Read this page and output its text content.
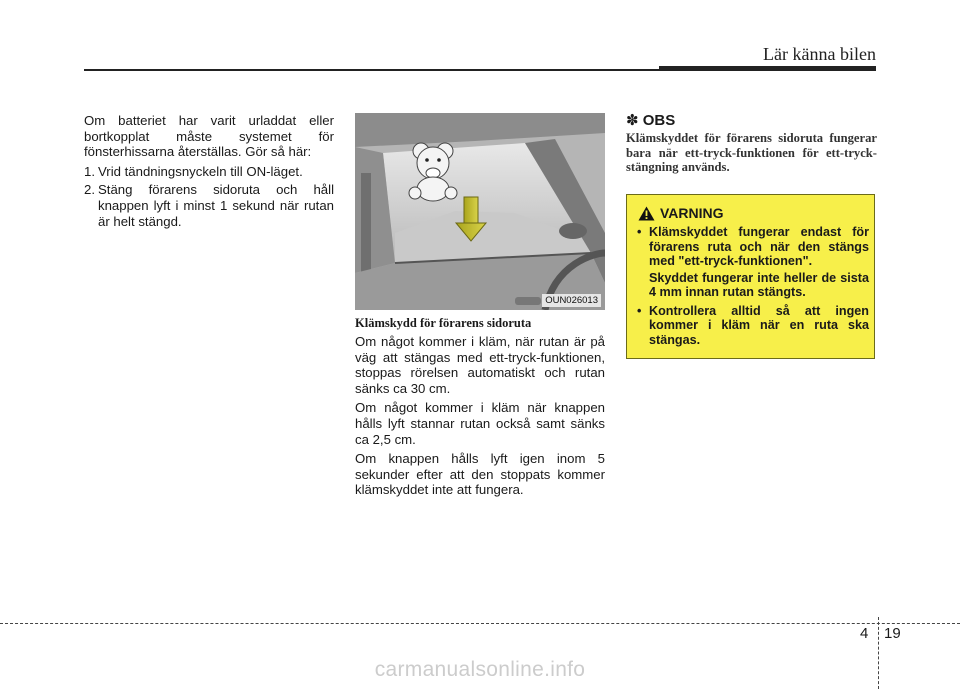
Lär känna bilen

Om batteriet har varit urladdat eller bortkopplat måste systemet för fönsterhissarna återställas. Gör så här:

1. Vrid tändningsnyckeln till ON-läget.
2. Stäng förarens sidoruta och håll knappen lyft i minst 1 sekund när rutan är helt stängd.
OUN026013
Klämskydd för förarens sidoruta

Om något kommer i kläm, när rutan är på väg att stängas med ett-tryck-funktionen, stoppas rörelsen automatiskt och rutan sänks ca 30 cm.

Om något kommer i kläm när knappen hålls lyft stannar rutan också samt sänks ca 2,5 cm.

Om knappen hålls lyft igen inom 5 sekunder efter att den stoppats kommer klämskyddet inte att fungera.

✽ OBS
Klämskyddet för förarens sidoruta fungerar bara när ett-tryck-funktionen för ett-tryck-stängning används.
VARNING
• Klämskyddet fungerar endast för förarens ruta och när den stängs med "ett-tryck-funktionen".
Skyddet fungerar inte heller de sista 4 mm innan rutan stängts.
• Kontrollera alltid så att ingen kommer i kläm när en ruta ska stängas.
4 19
carmanualsonline.info
